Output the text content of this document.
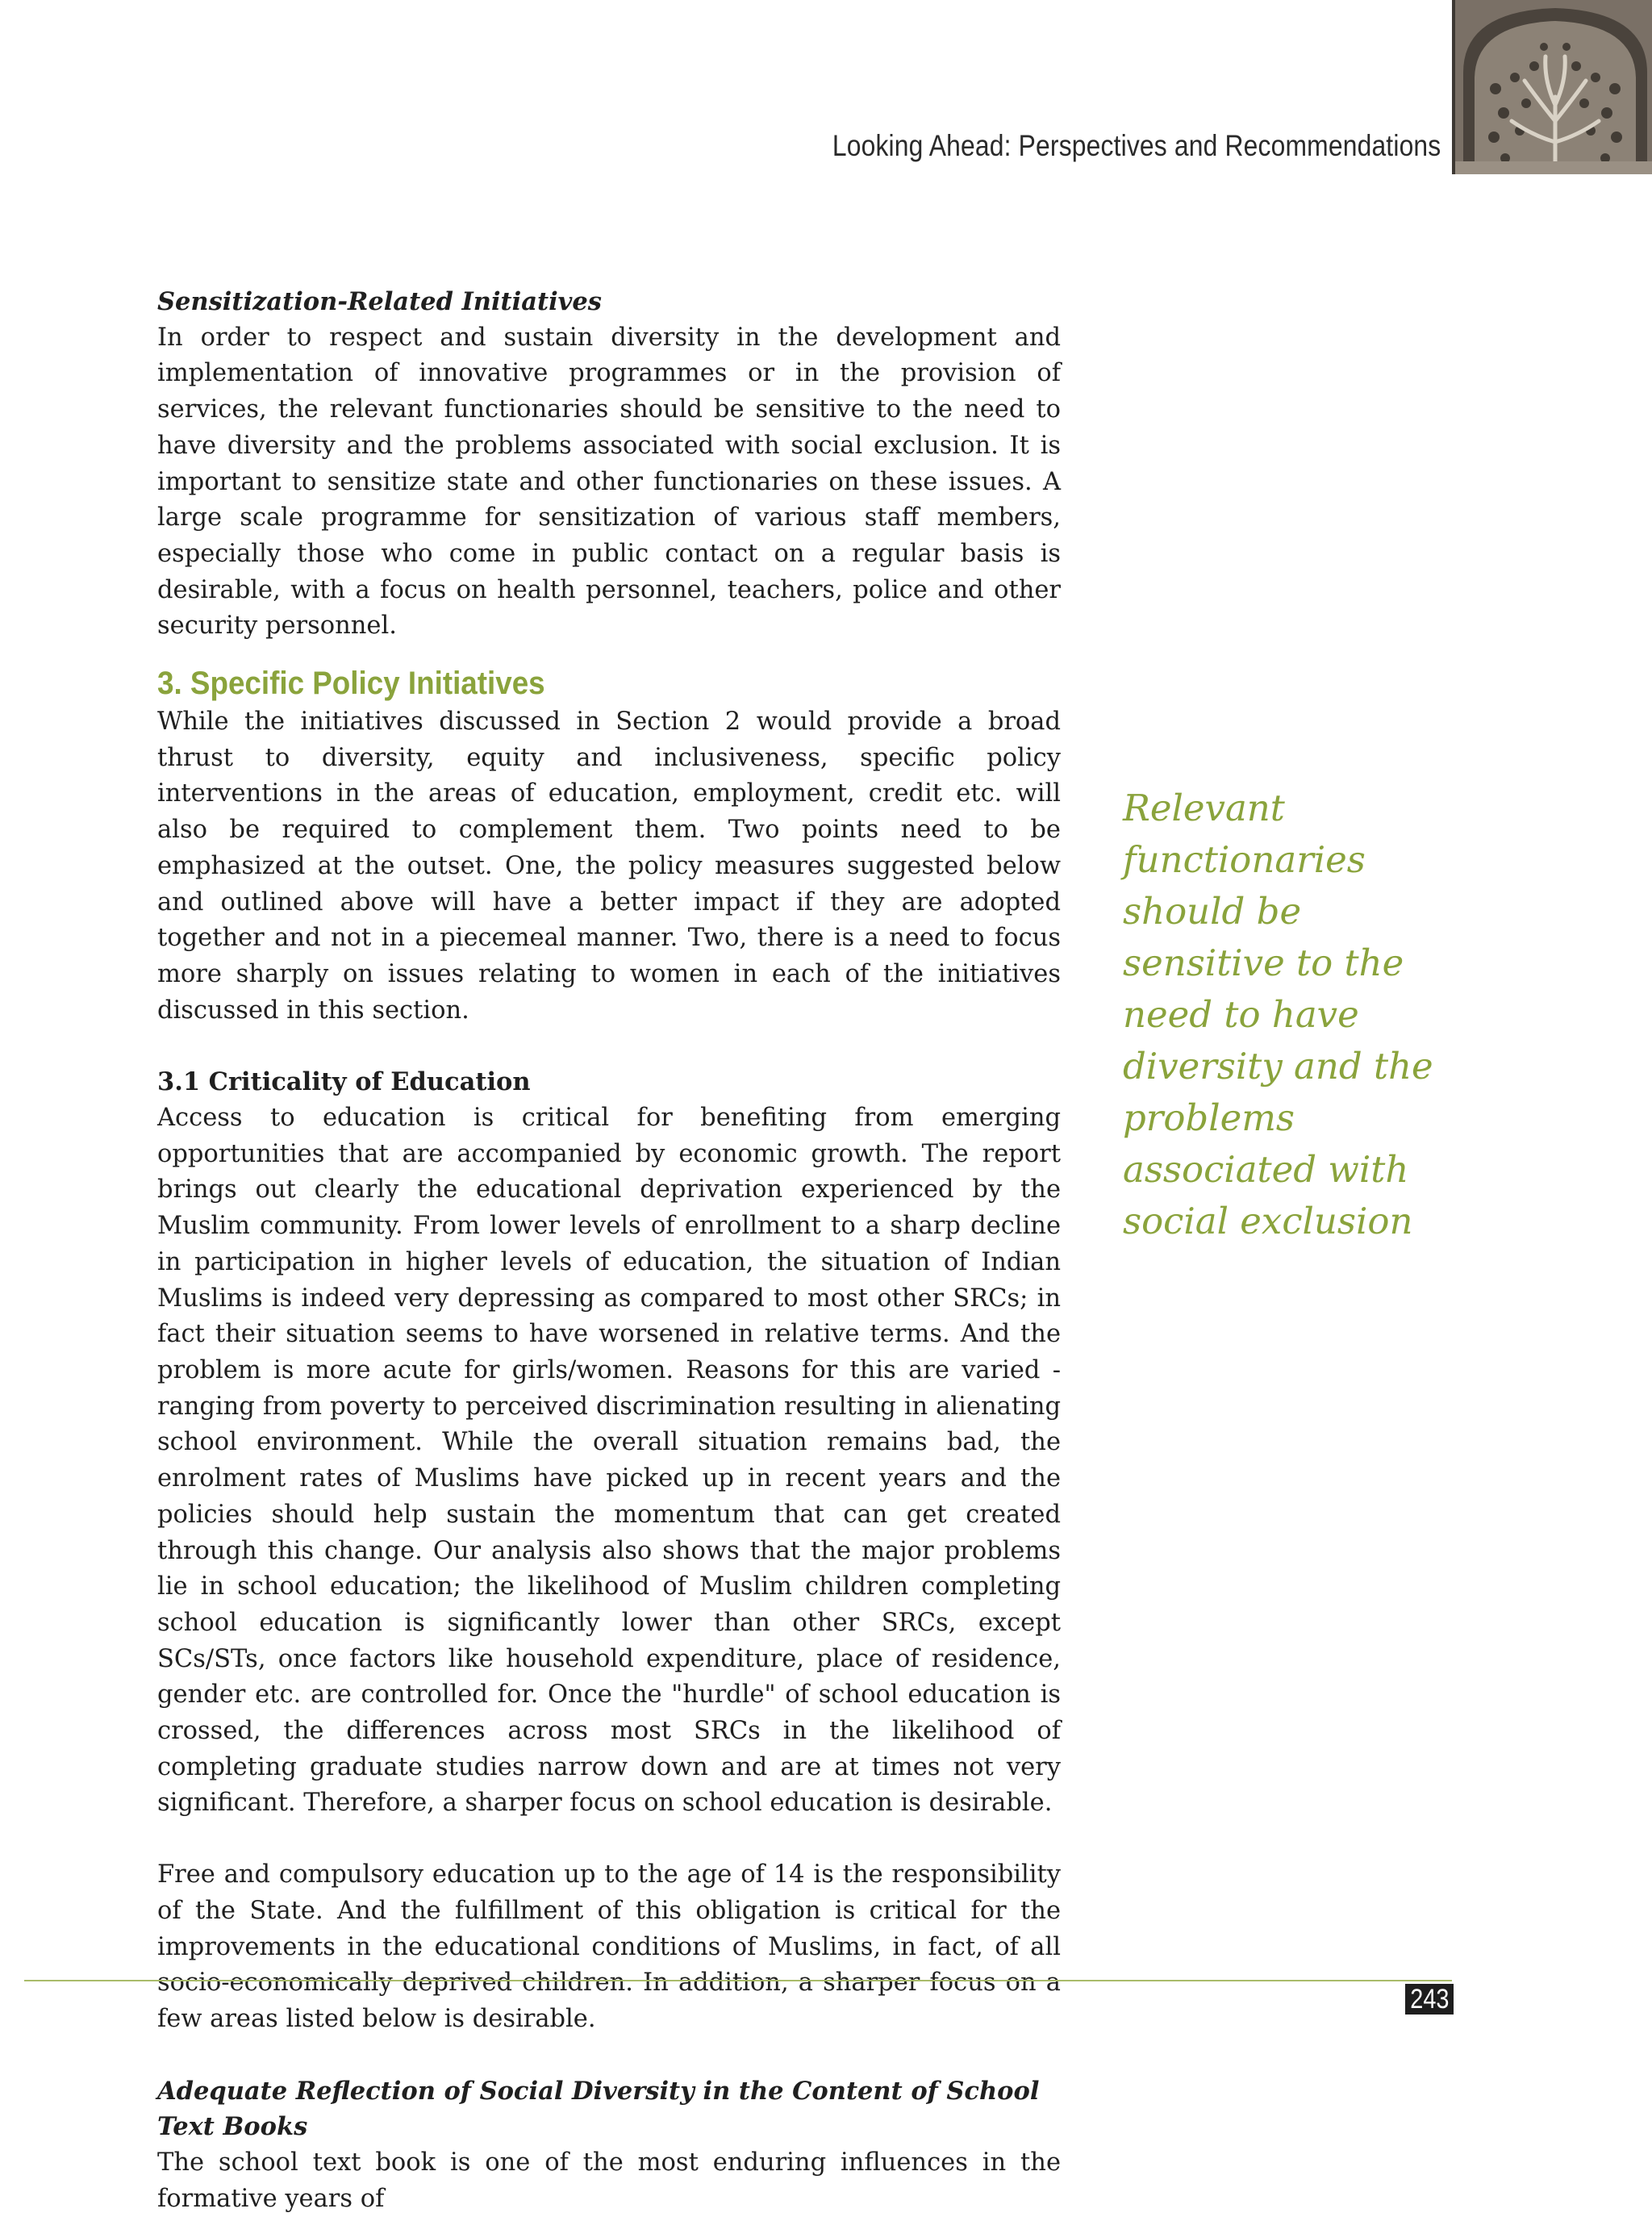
Looking Ahead: Perspectives and Recommendations
Sensitization-Related Initiatives

In order to respect and sustain diversity in the development and implementation of innovative programmes or in the provision of services, the relevant functionaries should be sensitive to the need to have diversity and the problems associated with social exclusion. It is important to sensitize state and other functionaries on these issues. A large scale programme for sensitization of various staff members, especially those who come in public contact on a regular basis is desirable, with a focus on health personnel, teachers, police and other security personnel.

3. Specific Policy Initiatives

While the initiatives discussed in Section 2 would provide a broad thrust to diversity, equity and inclusiveness, specific policy interventions in the areas of education, employment, credit etc. will also be required to complement them. Two points need to be emphasized at the outset. One, the policy measures suggested below and outlined above will have a better impact if they are adopted together and not in a piecemeal manner. Two, there is a need to focus more sharply on issues relating to women in each of the initiatives discussed in this section.

3.1 Criticality of Education

Access to education is critical for benefiting from emerging opportunities that are accompanied by economic growth. The report brings out clearly the educational deprivation experienced by the Muslim community. From lower levels of enrollment to a sharp decline in participation in higher levels of education, the situation of Indian Muslims is indeed very depressing as compared to most other SRCs; in fact their situation seems to have worsened in relative terms. And the problem is more acute for girls/women. Reasons for this are varied - ranging from poverty to perceived discrimination resulting in alienating school environment. While the overall situation remains bad, the enrolment rates of Muslims have picked up in recent years and the policies should help sustain the momentum that can get created through this change. Our analysis also shows that the major problems lie in school education; the likelihood of Muslim children completing school education is significantly lower than other SRCs, except SCs/STs, once factors like household expenditure, place of residence, gender etc. are controlled for. Once the "hurdle" of school education is crossed, the differences across most SRCs in the likelihood of completing graduate studies narrow down and are at times not very significant. Therefore, a sharper focus on school education is desirable.

Free and compulsory education up to the age of 14 is the responsibility of the State. And the fulfillment of this obligation is critical for the improvements in the educational conditions of Muslims, in fact, of all socio-economically deprived children. In addition, a sharper focus on a few areas listed below is desirable.

Adequate Reflection of Social Diversity in the Content of School Text Books

The school text book is one of the most enduring influences in the formative years of

Relevant functionaries should be sensitive to the need to have diversity and the problems associated with social exclusion
243
